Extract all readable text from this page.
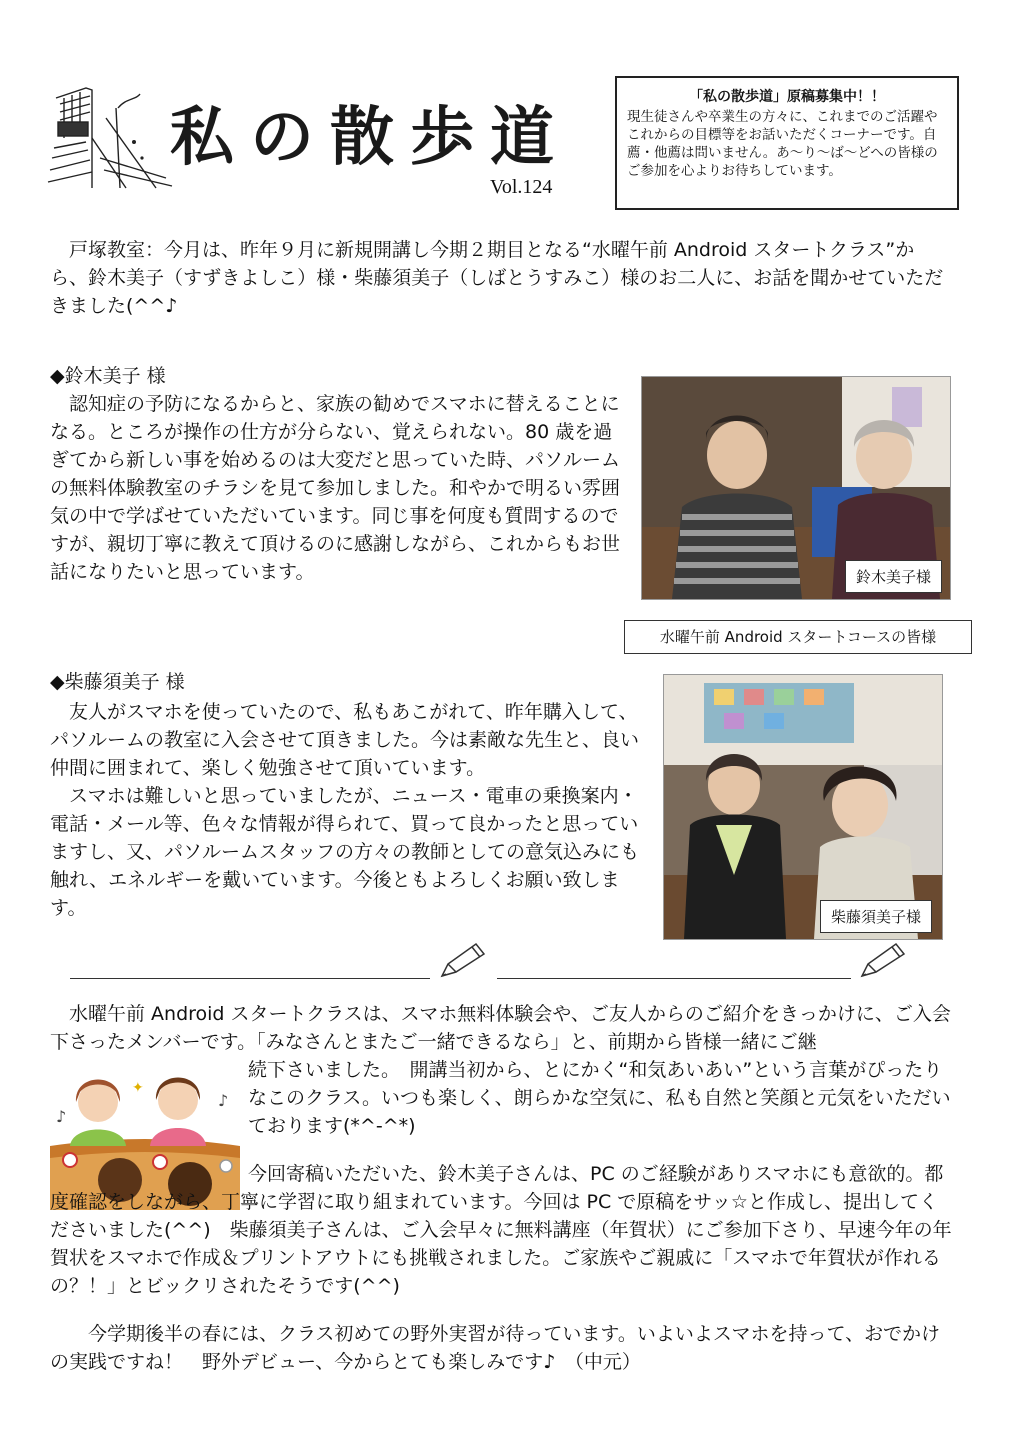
私の散歩道
Vol.124
「私の散歩道」原稿募集中！！
現生徒さんや卒業生の方々に、これまでのご活躍やこれからの目標等をお話いただくコーナーです。自薦・他薦は問いません。あ～り～ば～どへの皆様のご参加を心よりお待ちしています。
戸塚教室：今月は、昨年９月に新規開講し今期２期目となる“水曜午前 Android スタートクラス”から、鈴木美子（すずきよしこ）様・柴藤須美子（しばとうすみこ）様のお二人に、お話を聞かせていただきました(^^♪
◆鈴木美子 様
認知症の予防になるからと、家族の勧めでスマホに替えることになる。ところが操作の仕方が分らない、覚えられない。80 歳を過ぎてから新しい事を始めるのは大変だと思っていた時、パソルームの無料体験教室のチラシを見て参加しました。和やかで明るい雰囲気の中で学ばせていただいています。同じ事を何度も質問するのですが、親切丁寧に教えて頂けるのに感謝しながら、これからもお世話になりたいと思っています。	鈴木美子様
水曜午前 Android スタートコースの皆様
◆柴藤須美子 様
友人がスマホを使っていたので、私もあこがれて、昨年購入して、パソルームの教室に入会させて頂きました。今は素敵な先生と、良い仲間に囲まれて、楽しく勉強させて頂いています。
スマホは難しいと思っていましたが、ニュース・電車の乗換案内・電話・メール等、色々な情報が得られて、買って良かったと思っていますし、又、パソルームスタッフの方々の教師としての意気込みにも触れ、エネルギーを戴いています。今後ともよろしくお願い致します。	柴藤須美子様
水曜午前 Android スタートクラスは、スマホ無料体験会や、ご友人からのご紹介をきっかけに、ご入会下さったメンバーです。「みなさんとまたご一緒できるなら」と、前期から皆様一緒にご継
♪
♪
✦
続下さいました。　開講当初から、とにかく“和気あいあい”という言葉がぴったりなこのクラス。いつも楽しく、朗らかな空気に、私も自然と笑顔と元気をいただいております(*^-^*)
今回寄稿いただいた、鈴木美子さんは、PC のご経験がありスマホにも意欲的。都度確認をしながら、丁寧に学習に取り組まれています。今回は PC で原稿をサッ☆と作成し、提出してくださいました(^^)　柴藤須美子さんは、ご入会早々に無料講座（年賀状）にご参加下さり、早速今年の年賀状をスマホで作成＆プリントアウトにも挑戦されました。ご家族やご親戚に「スマホで年賀状が作れるの？！」とビックリされたそうです(^^)
今学期後半の春には、クラス初めての野外実習が待っています。いよいよスマホを持って、おでかけの実践ですね！　野外デビュー、今からとても楽しみです♪　（中元）
